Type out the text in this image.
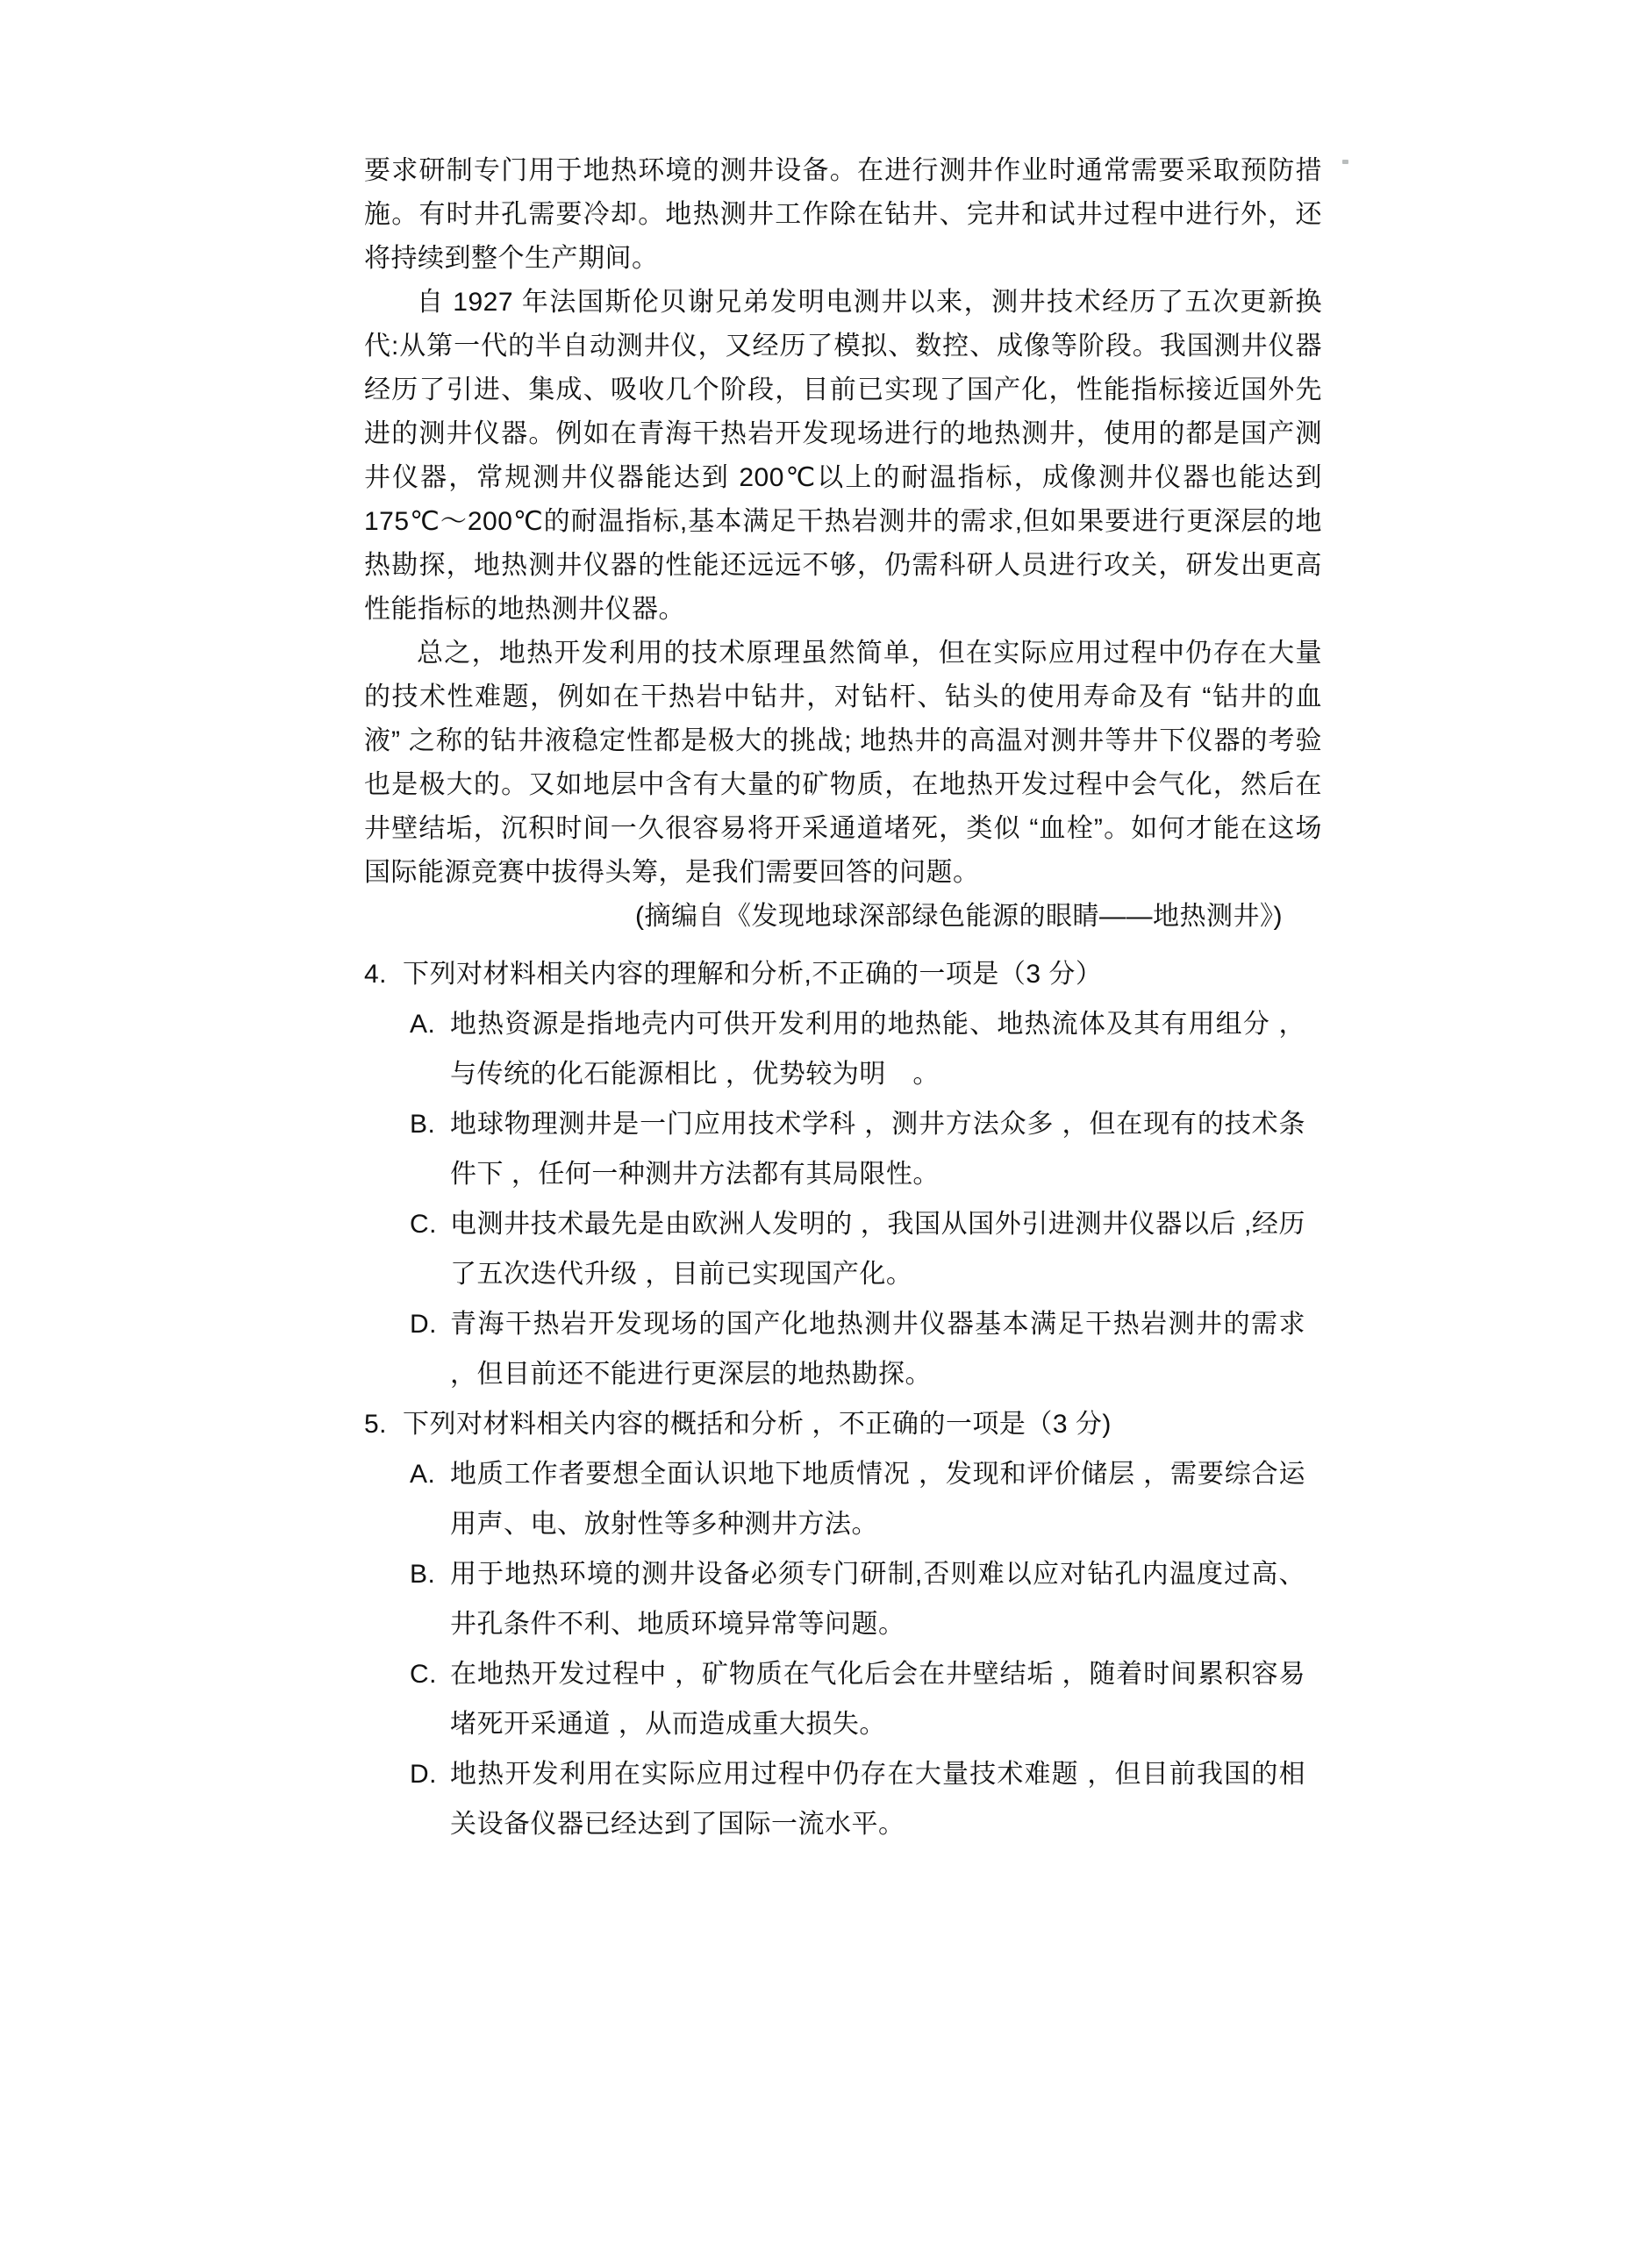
要求研制专门用于地热环境的测井设备。在进行测井作业时通常需要采取预防措施。有时井孔需要冷却。地热测井工作除在钻井、完井和试井过程中进行外，还将持续到整个生产期间。

自 1927 年法国斯伦贝谢兄弟发明电测井以来，测井技术经历了五次更新换代:从第一代的半自动测井仪，又经历了模拟、数控、成像等阶段。我国测井仪器经历了引进、集成、吸收几个阶段，目前已实现了国产化，性能指标接近国外先进的测井仪器。例如在青海干热岩开发现场进行的地热测井，使用的都是国产测井仪器，常规测井仪器能达到 200℃以上的耐温指标，成像测井仪器也能达到 175℃～200℃的耐温指标,基本满足干热岩测井的需求,但如果要进行更深层的地热勘探，地热测井仪器的性能还远远不够，仍需科研人员进行攻关，研发出更高性能指标的地热测井仪器。

总之，地热开发利用的技术原理虽然简单，但在实际应用过程中仍存在大量的技术性难题，例如在干热岩中钻井，对钻杆、钻头的使用寿命及有 “钻井的血液” 之称的钻井液稳定性都是极大的挑战; 地热井的高温对测井等井下仪器的考验也是极大的。又如地层中含有大量的矿物质，在地热开发过程中会气化，然后在井壁结垢，沉积时间一久很容易将开采通道堵死，类似 “血栓”。如何才能在这场国际能源竞赛中拔得头筹，是我们需要回答的问题。

(摘编自《发现地球深部绿色能源的眼睛——地热测井》)
4. 下列对材料相关内容的理解和分析,不正确的一项是（3 分）
A. 地热资源是指地壳内可供开发利用的地热能、地热流体及其有用组分 ，与传统的化石能源相比 ，优势较为明　。
B. 地球物理测井是一门应用技术学科 ，测井方法众多 ，但在现有的技术条件下 ，任何一种测井方法都有其局限性。
C. 电测井技术最先是由欧洲人发明的 ，我国从国外引进测井仪器以后 ,经历了五次迭代升级 ，目前已实现国产化。
D. 青海干热岩开发现场的国产化地热测井仪器基本满足干热岩测井的需求 ，但目前还不能进行更深层的地热勘探。
5. 下列对材料相关内容的概括和分析 ，不正确的一项是（3 分)
A. 地质工作者要想全面认识地下地质情况 ，发现和评价储层 ，需要综合运用声、电、放射性等多种测井方法。
B. 用于地热环境的测井设备必须专门研制,否则难以应对钻孔内温度过高、井孔条件不利、地质环境异常等问题。
C. 在地热开发过程中 ，矿物质在气化后会在井壁结垢 ，随着时间累积容易堵死开采通道 ，从而造成重大损失。
D. 地热开发利用在实际应用过程中仍存在大量技术难题 ，但目前我国的相关设备仪器已经达到了国际一流水平。
